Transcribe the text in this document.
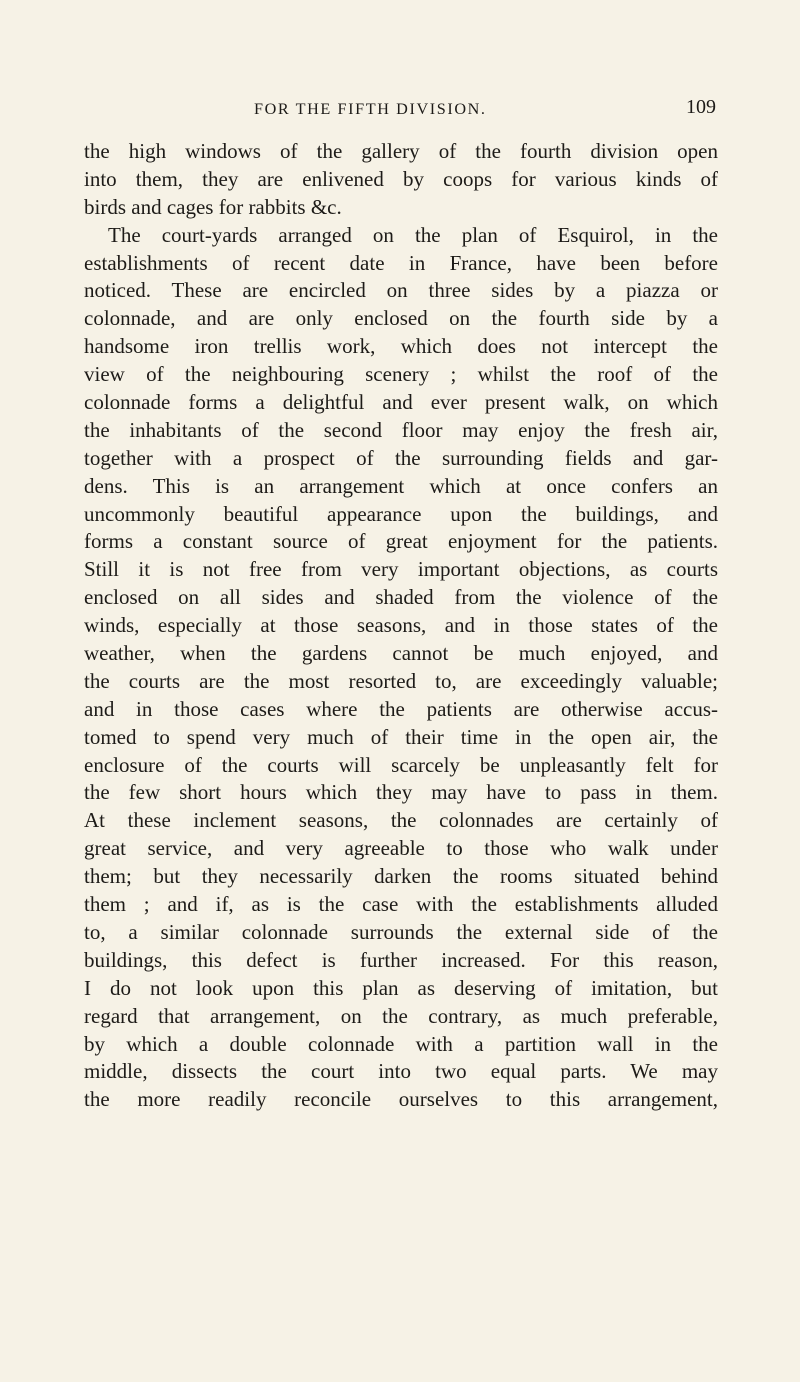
FOR THE FIFTH DIVISION.	109
the high windows of the gallery of the fourth division open
into them, they are enlivened by coops for various kinds of
birds and cages for rabbits &c.
The court-yards arranged on the plan of Esquirol, in the
establishments of recent date in France, have been before
noticed. These are encircled on three sides by a piazza or
colonnade, and are only enclosed on the fourth side by a
handsome iron trellis work, which does not intercept the
view of the neighbouring scenery ; whilst the roof of the
colonnade forms a delightful and ever present walk, on which
the inhabitants of the second floor may enjoy the fresh air,
together with a prospect of the surrounding fields and gar-
dens. This is an arrangement which at once confers an
uncommonly beautiful appearance upon the buildings, and
forms a constant source of great enjoyment for the patients.
Still it is not free from very important objections, as courts
enclosed on all sides and shaded from the violence of the
winds, especially at those seasons, and in those states of the
weather, when the gardens cannot be much enjoyed, and
the courts are the most resorted to, are exceedingly valuable;
and in those cases where the patients are otherwise accus-
tomed to spend very much of their time in the open air, the
enclosure of the courts will scarcely be unpleasantly felt for
the few short hours which they may have to pass in them.
At these inclement seasons, the colonnades are certainly of
great service, and very agreeable to those who walk under
them; but they necessarily darken the rooms situated behind
them ; and if, as is the case with the establishments alluded
to, a similar colonnade surrounds the external side of the
buildings, this defect is further increased. For this reason,
I do not look upon this plan as deserving of imitation, but
regard that arrangement, on the contrary, as much preferable,
by which a double colonnade with a partition wall in the
middle, dissects the court into two equal parts. We may
the more readily reconcile ourselves to this arrangement,
